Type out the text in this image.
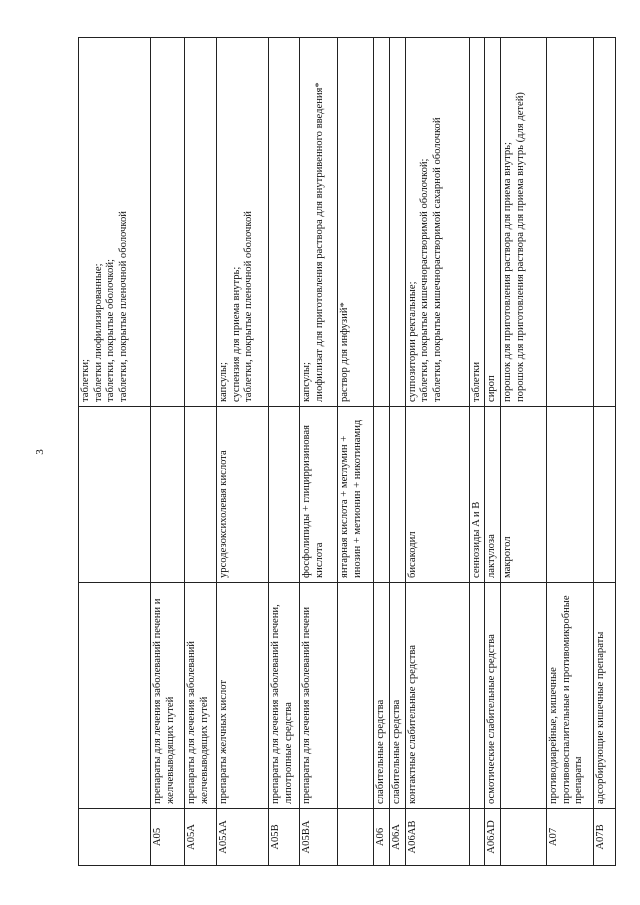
3

			таблетки; таблетки лиофилизированные; таблетки, покрытые оболочкой; таблетки, покрытые пленочной оболочкой

A05	препараты для лечения заболеваний печени и желчевыводящих путей		
A05A	препараты для лечения заболеваний желчевыводящих путей		
A05AA	препараты желчных кислот	урсодезоксихолевая кислота	капсулы; суспензия для приема внутрь; таблетки, покрытые пленочной оболочкой

A05B	препараты для лечения заболеваний печени, липотропные средства		
A05BA	препараты для лечения заболеваний печени	фосфолипиды + глицирризиновая кислота	капсулы; лиофилизат для приготовления раствора для внутривенного введения*

		янтарная кислота + меглумин + инозин + метионин + никотинамид	раствор для инфузий*

A06	слабительные средства		
A06A	слабительные средства		
A06AB	контактные слабительные средства	бисакодил	суппозитории ректальные; таблетки, покрытые кишечнорастворимой оболочкой; таблетки, покрытые кишечнорастворимой сахарной оболочкой

		сеннозиды A и B	таблетки

A06AD	осмотические слабительные средства	лактулоза	сироп

		макрогол	порошок для приготовления раствора для приема внутрь; порошок для приготовления раствора для приема внутрь (для детей)

A07	противодиарейные, кишечные противовоспалительные и противомикробные препараты		
A07B	адсорбирующие кишечные препараты		
